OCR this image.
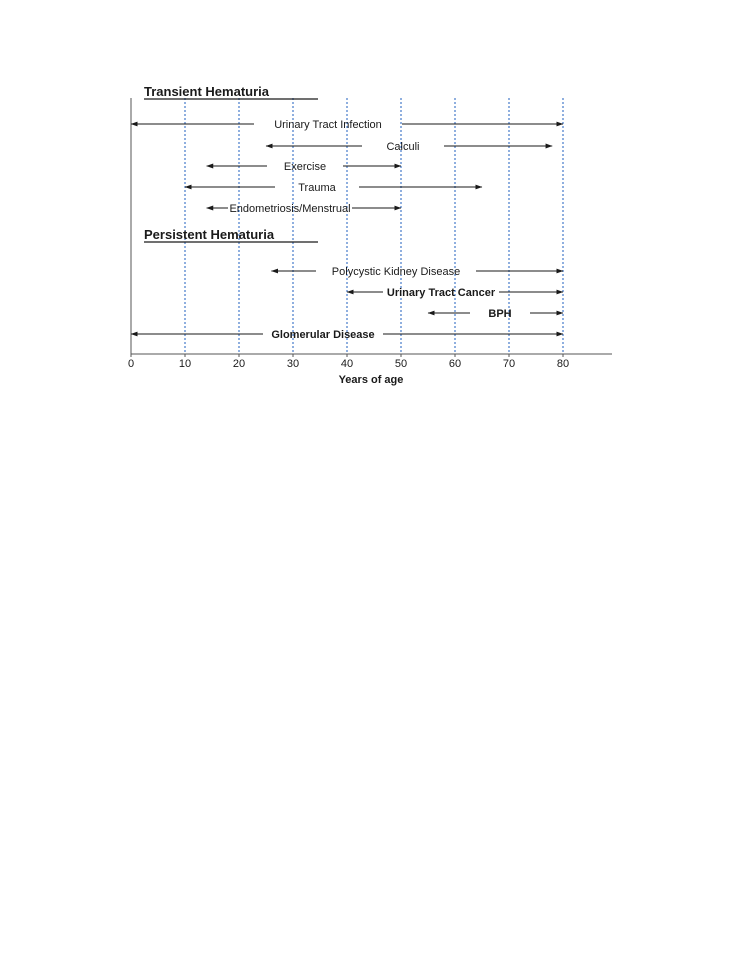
0	10	20	30	40	50	60	70	80
Years of age
Transient Hematuria
Urinary Tract Infection
Calculi
Exercise
Trauma
Endometriosis/Menstrual
Persistent Hematuria
Polycystic Kidney Disease
Urinary Tract Cancer
BPH
Glomerular Disease
